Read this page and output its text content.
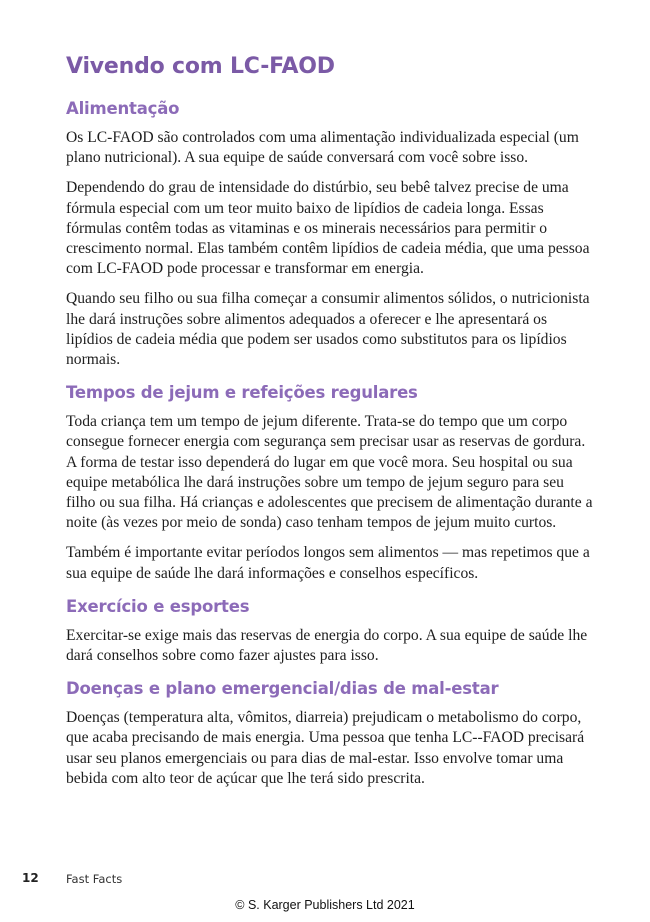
Vivendo com LC-FAOD
Alimentação

Os LC-FAOD são controlados com uma alimentação individualizada especial (um plano nutricional). A sua equipe de saúde conversará com você sobre isso.

Dependendo do grau de intensidade do distúrbio, seu bebê talvez precise de uma fórmula especial com um teor muito baixo de lipídios de cadeia longa. Essas fórmulas contêm todas as vitaminas e os minerais necessários para permitir o crescimento normal. Elas também contêm lipídios de cadeia média, que uma pessoa com LC-FAOD pode processar e transformar em energia.

Quando seu filho ou sua filha começar a consumir alimentos sólidos, o nutricionista lhe dará instruções sobre alimentos adequados a oferecer e lhe apresentará os lipídios de cadeia média que podem ser usados como substitutos para os lipídios normais.

Tempos de jejum e refeições regulares

Toda criança tem um tempo de jejum diferente. Trata-se do tempo que um corpo consegue fornecer energia com segurança sem precisar usar as reservas de gordura. A forma de testar isso dependerá do lugar em que você mora. Seu hospital ou sua equipe metabólica lhe dará instruções sobre um tempo de jejum seguro para seu filho ou sua filha. Há crianças e adolescentes que precisem de alimentação durante a noite (às vezes por meio de sonda) caso tenham tempos de jejum muito curtos.

Também é importante evitar períodos longos sem alimentos — mas repetimos que a sua equipe de saúde lhe dará informações e conselhos específicos.

Exercício e esportes

Exercitar-se exige mais das reservas de energia do corpo. A sua equipe de saúde lhe dará conselhos sobre como fazer ajustes para isso.

Doenças e plano emergencial/dias de mal-estar

Doenças (temperatura alta, vômitos, diarreia) prejudicam o metabolismo do corpo, que acaba precisando de mais energia. Uma pessoa que tenha LC--FAOD precisará usar seu planos emergenciais ou para dias de mal-estar. Isso envolve tomar uma bebida com alto teor de açúcar que lhe terá sido prescrita.

12 Fast Facts
© S. Karger Publishers Ltd 2021
